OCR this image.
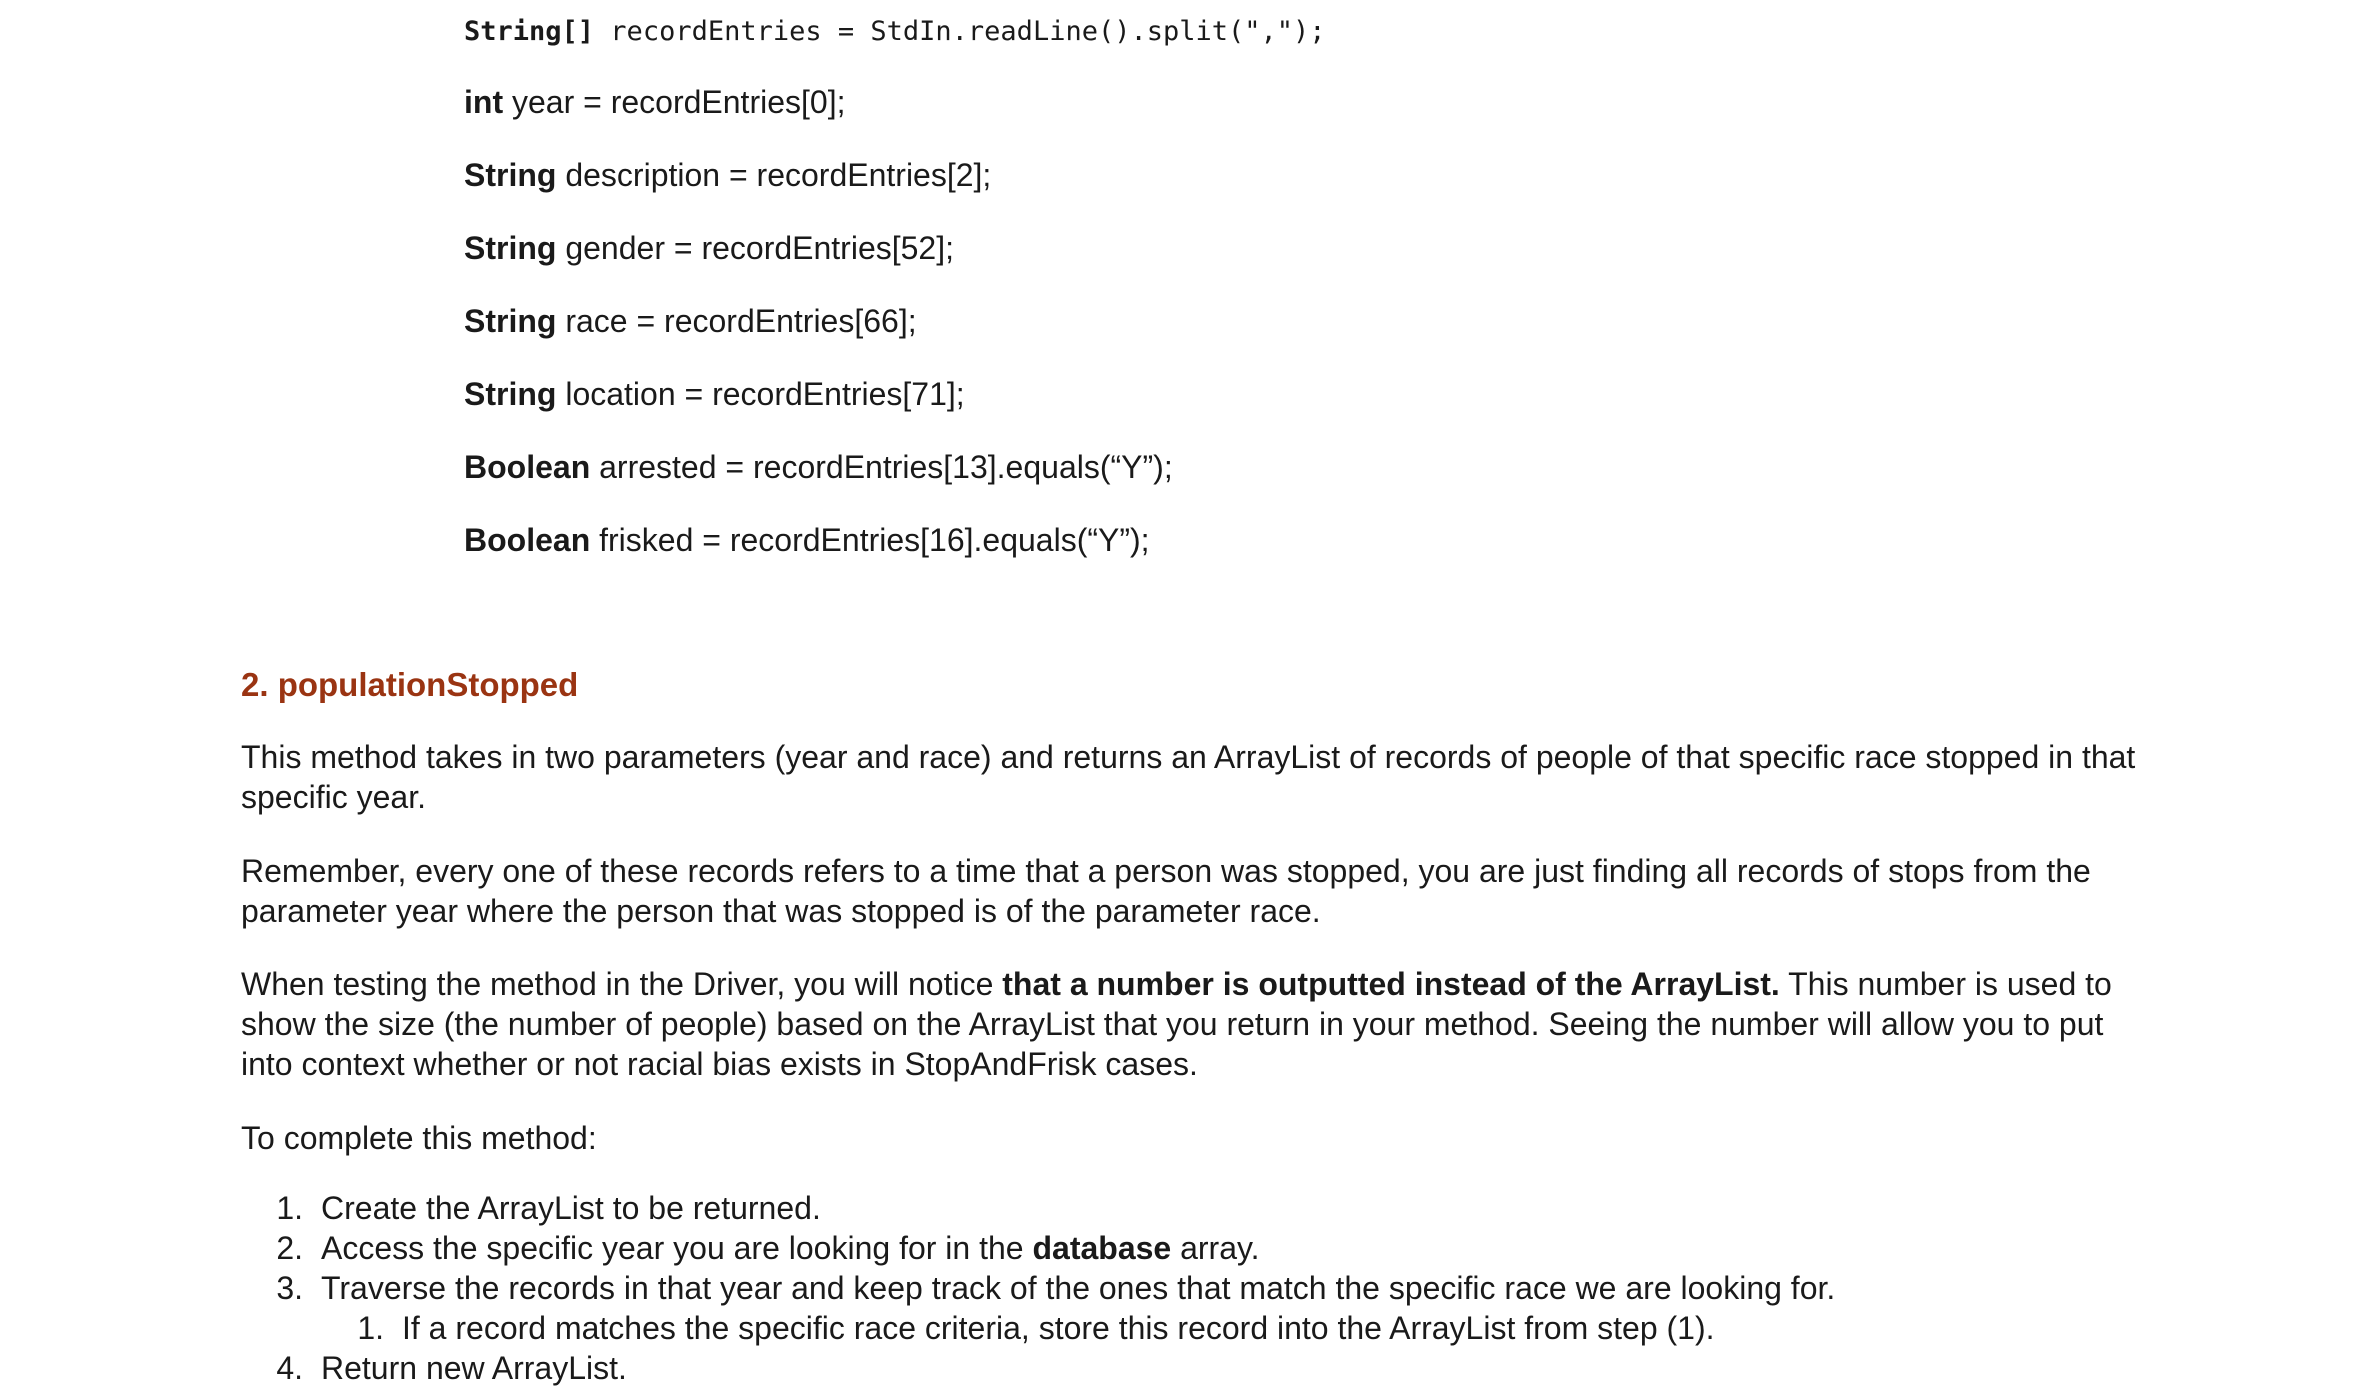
String[] recordEntries = StdIn.readLine().split(",");
int year = recordEntries[0];
String description = recordEntries[2];
String gender = recordEntries[52];
String race = recordEntries[66];
String location = recordEntries[71];
Boolean arrested = recordEntries[13].equals(“Y”);
Boolean frisked = recordEntries[16].equals(“Y”);
2. populationStopped
This method takes in two parameters (year and race) and returns an ArrayList of records of people of that specific race stopped in that specific year.
Remember, every one of these records refers to a time that a person was stopped, you are just finding all records of stops from the parameter year where the person that was stopped is of the parameter race.
When testing the method in the Driver, you will notice that a number is outputted instead of the ArrayList. This number is used to show the size (the number of people) based on the ArrayList that you return in your method. Seeing the number will allow you to put into context whether or not racial bias exists in StopAndFrisk cases.
To complete this method:
1. Create the ArrayList to be returned.
2. Access the specific year you are looking for in the database array.
3. Traverse the records in that year and keep track of the ones that match the specific race we are looking for.
1. If a record matches the specific race criteria, store this record into the ArrayList from step (1).
4. Return new ArrayList.
